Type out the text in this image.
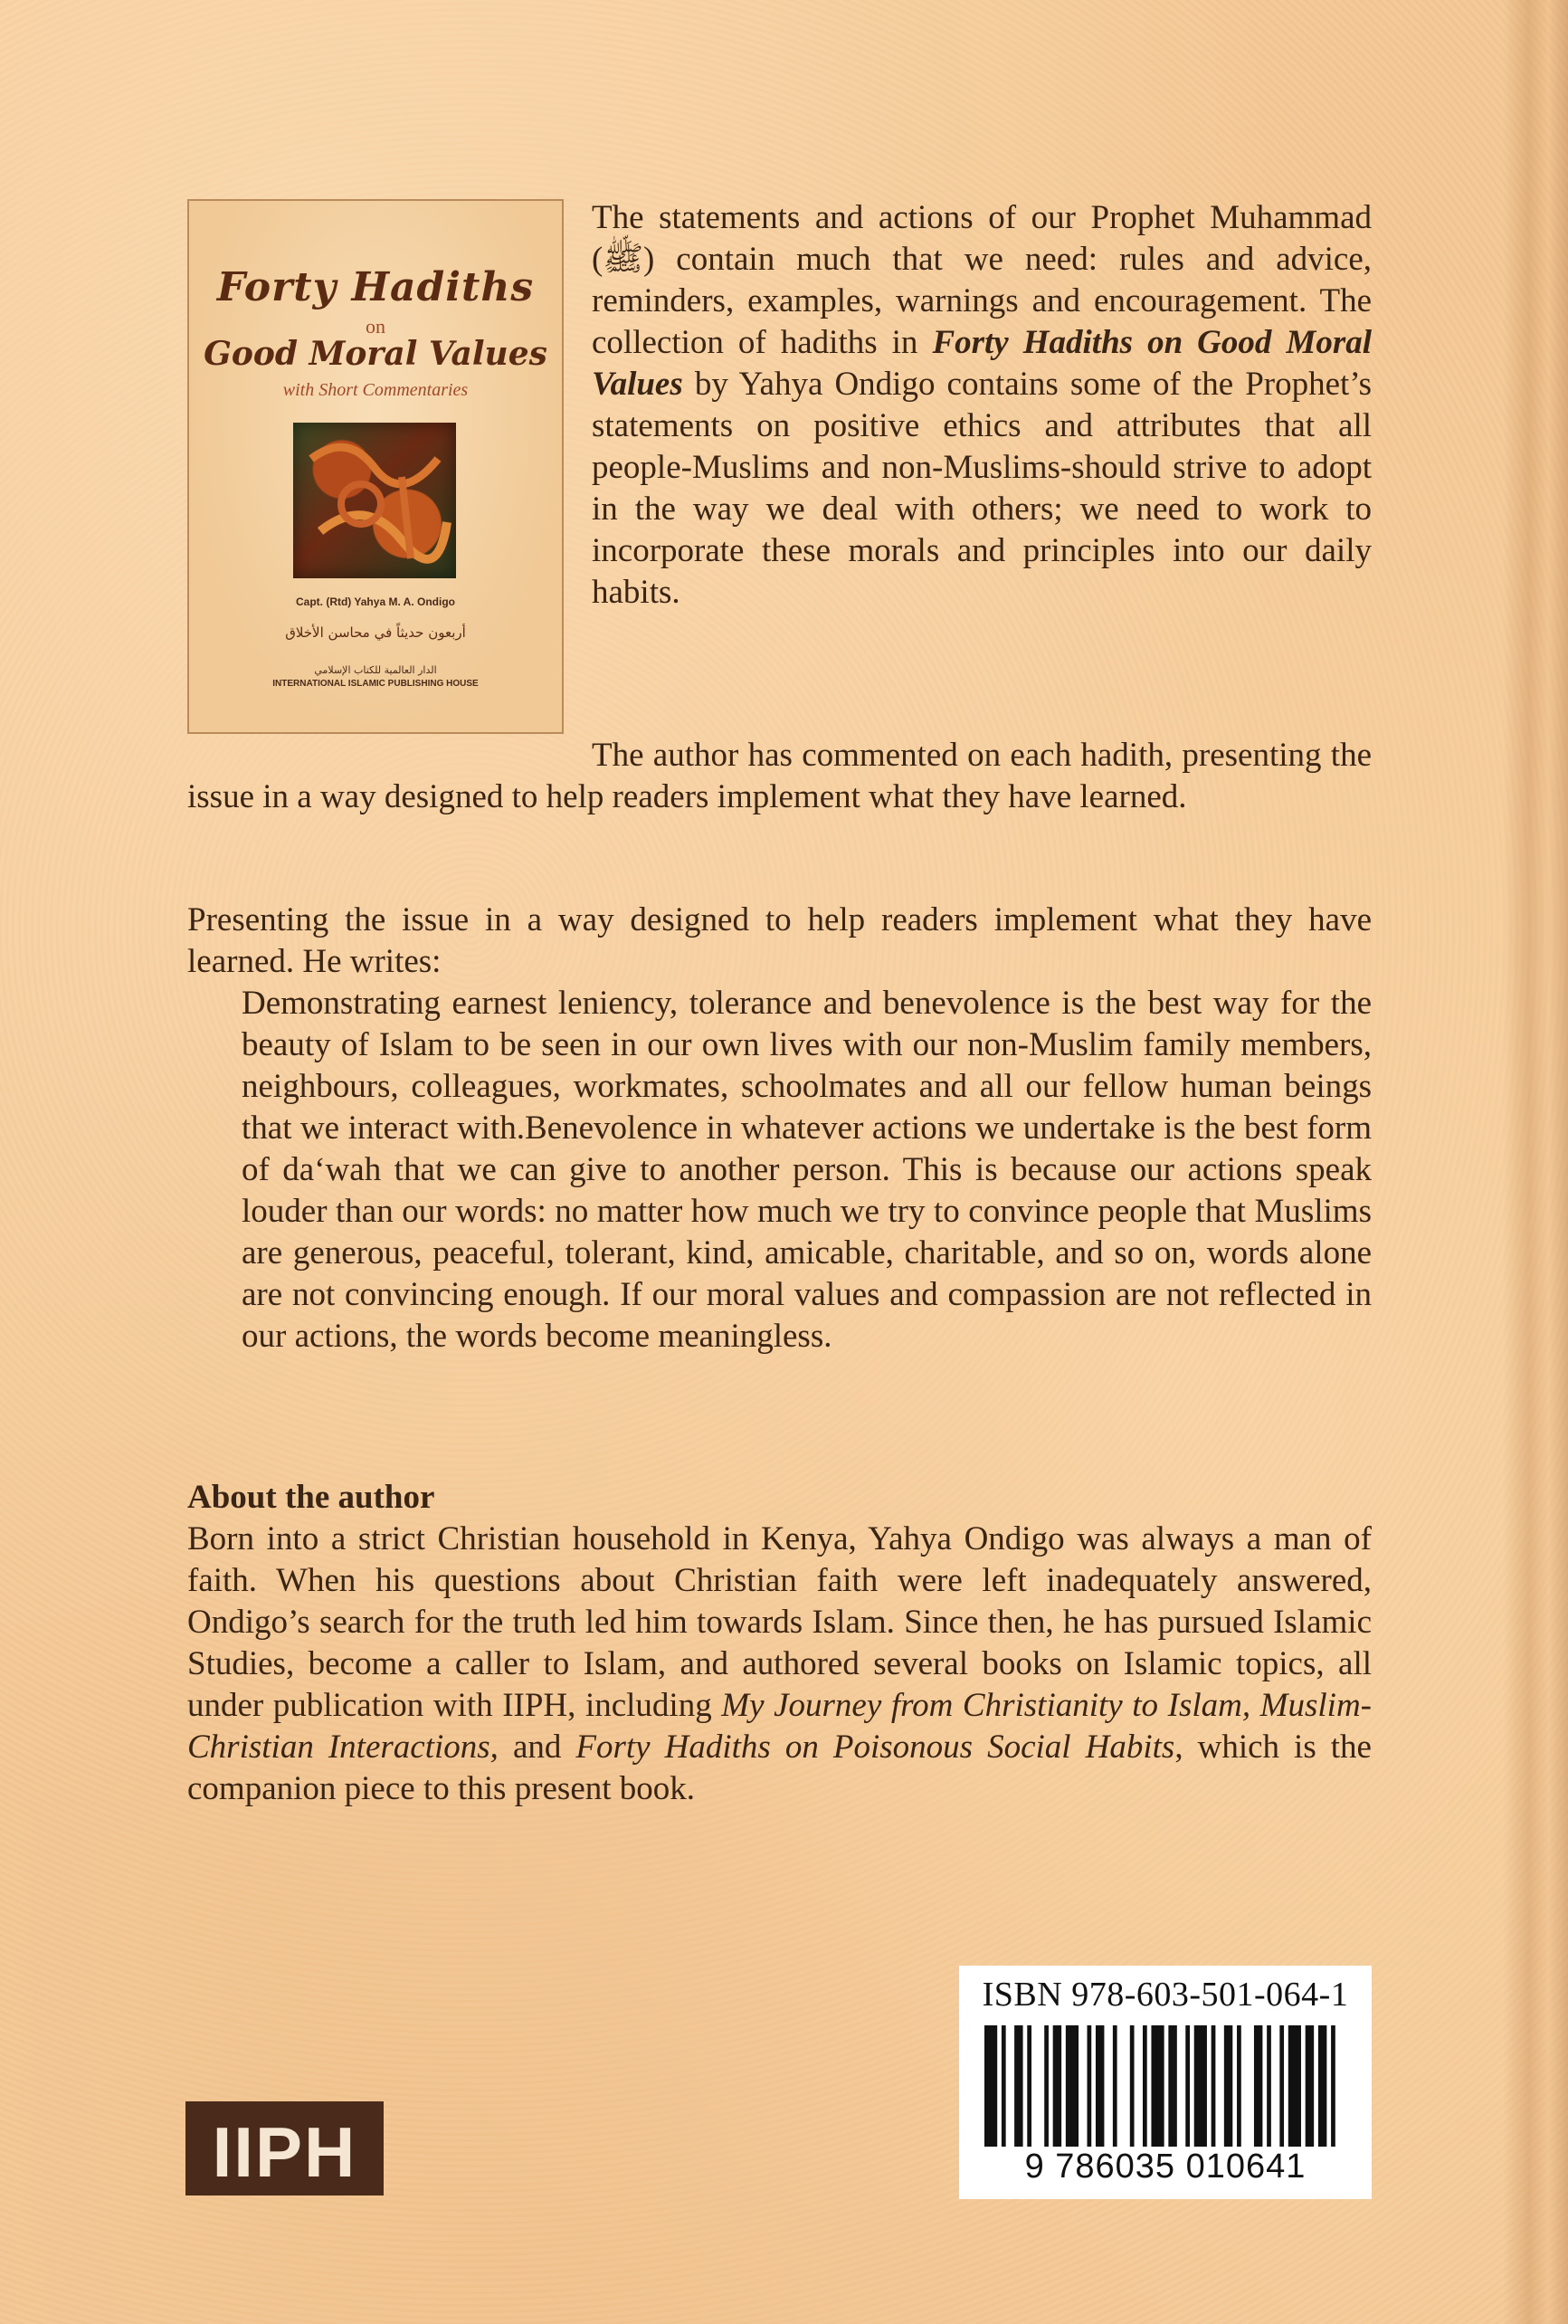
Forty Hadiths
on
Good Moral Values
with Short Commentaries
Capt. (Rtd) Yahya M. A. Ondigo
أربعون حديثاً في محاسن الأخلاق
الدار العالمية للكتاب الإسلامي
INTERNATIONAL ISLAMIC PUBLISHING HOUSE
The statements and actions of our Prophet Muhammad (ﷺ) contain much that we need: rules and advice, reminders, examples, warnings and encouragement. The collection of hadiths in Forty Hadiths on Good Moral Values by Yahya Ondigo contains some of the Prophet’s statements on positive ethics and attributes that all people-Muslims and non-Muslims-should strive to adopt in the way we deal with others; we need to work to incorporate these morals and principles into our daily habits.
The author has commented on each hadith, presenting the issue in a way designed to help readers implement what they have learned.
Presenting the issue in a way designed to help readers implement what they have learned. He writes:
Demonstrating earnest leniency, tolerance and benevolence is the best way for the beauty of Islam to be seen in our own lives with our non-Muslim family members, neighbours, colleagues, workmates, schoolmates and all our fellow human beings that we interact with.Benevolence in whatever actions we undertake is the best form of da‘wah that we can give to another person. This is because our actions speak louder than our words: no matter how much we try to convince people that Muslims are generous, peaceful, tolerant, kind, amicable, charitable, and so on, words alone are not convincing enough. If our moral values and compassion are not reflected in our actions, the words become meaningless.
About the author
Born into a strict Christian household in Kenya, Yahya Ondigo was always a man of faith. When his questions about Christian faith were left inadequately answered, Ondigo’s search for the truth led him towards Islam. Since then, he has pursued Islamic Studies, become a caller to Islam, and authored several books on Islamic topics, all under publication with IIPH, including My Journey from Christianity to Islam, Muslim-Christian Interactions, and Forty Hadiths on Poisonous Social Habits, which is the companion piece to this present book.
ISBN 978-603-501-064-1
9 786035 010641
IIPH
